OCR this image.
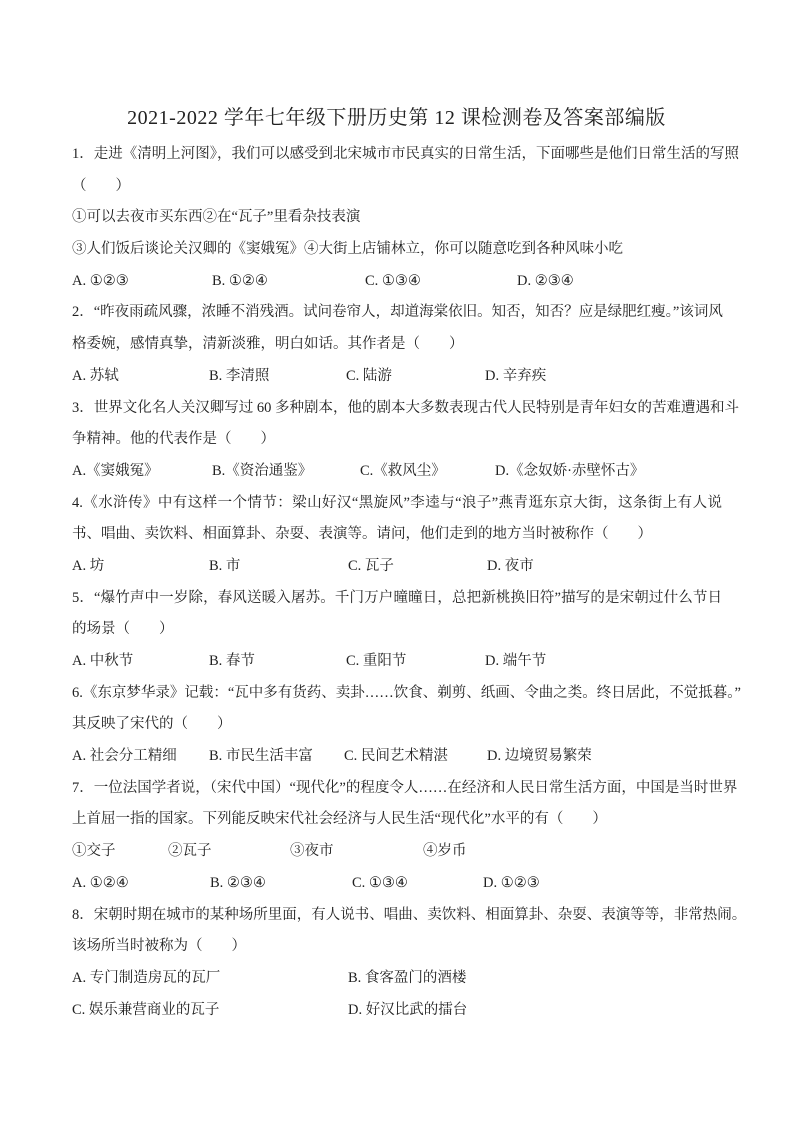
2021-2022 学年七年级下册历史第 12 课检测卷及答案部编版
1．走进《清明上河图》，我们可以感受到北宋城市市民真实的日常生活，下面哪些是他们日常生活的写照
（　　）
①可以去夜市买东西②在“瓦子”里看杂技表演
③人们饭后谈论关汉卿的《窦娥冤》④大街上店铺林立，你可以随意吃到各种风味小吃
A. ①②③	B. ①②④	C. ①③④	D. ②③④
2．“昨夜雨疏风骤，浓睡不消残酒。试问卷帘人，却道海棠依旧。知否，知否？应是绿肥红瘦。”该词风
格委婉，感情真挚，清新淡雅，明白如话。其作者是（　　）
A. 苏轼	B. 李清照	C. 陆游	D. 辛弃疾
3．世界文化名人关汉卿写过 60 多种剧本，他的剧本大多数表现古代人民特别是青年妇女的苦难遭遇和斗
争精神。他的代表作是（　　）
A.《窦娥冤》	B.《资治通鉴》	C.《救风尘》	D.《念奴娇·赤壁怀古》
4.《水浒传》中有这样一个情节：梁山好汉“黑旋风”李逵与“浪子”燕青逛东京大街，这条街上有人说
书、唱曲、卖饮料、相面算卦、杂耍、表演等。请问，他们走到的地方当时被称作（　　）
A. 坊	B. 市	C. 瓦子	D. 夜市
5．“爆竹声中一岁除，春风送暖入屠苏。千门万户曈曈日，总把新桃换旧符”描写的是宋朝过什么节日
的场景（　　）
A. 中秋节	B. 春节	C. 重阳节	D. 端午节
6.《东京梦华录》记载：“瓦中多有货药、卖卦……饮食、剃剪、纸画、令曲之类。终日居此，不觉抵暮。”
其反映了宋代的（　　）
A. 社会分工精细 B. 市民生活丰富 C. 民间艺术精湛	D. 边境贸易繁荣
7．一位法国学者说，（宋代中国）“现代化”的程度令人……在经济和人民日常生活方面，中国是当时世界
上首屈一指的国家。下列能反映宋代社会经济与人民生活“现代化”水平的有（　　）
①交子	②瓦子	③夜市	④岁币
A. ①②④	B. ②③④	C. ①③④	D. ①②③
8．宋朝时期在城市的某种场所里面，有人说书、唱曲、卖饮料、相面算卦、杂耍、表演等等，非常热闹。
该场所当时被称为（　　）
A. 专门制造房瓦的瓦厂	B. 食客盈门的酒楼
C. 娱乐兼营商业的瓦子	D. 好汉比武的擂台
